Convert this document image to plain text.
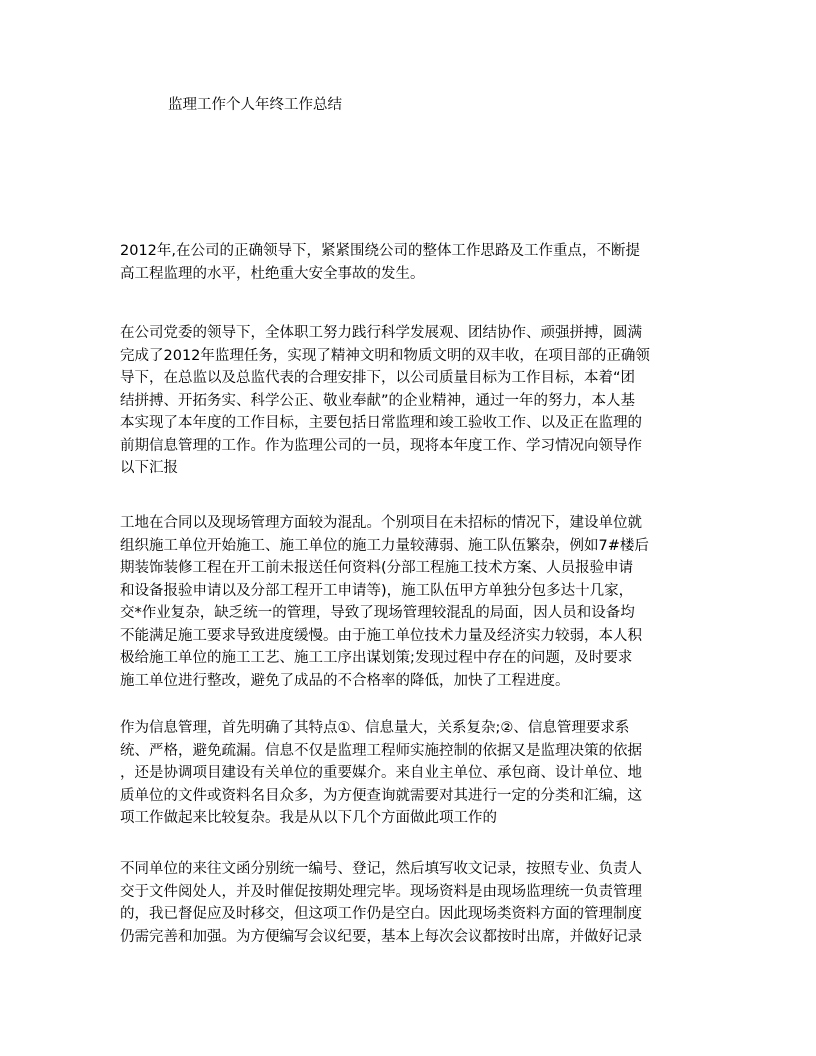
监理工作个人年终工作总结
2012年,在公司的正确领导下，紧紧围绕公司的整体工作思路及工作重点，不断提
高工程监理的水平，杜绝重大安全事故的发生。
在公司党委的领导下，全体职工努力践行科学发展观、团结协作、顽强拼搏，圆满
完成了2012年监理任务，实现了精神文明和物质文明的双丰收，在项目部的正确领
导下，在总监以及总监代表的合理安排下，以公司质量目标为工作目标，本着“团
结拼搏、开拓务实、科学公正、敬业奉献”的企业精神，通过一年的努力，本人基
本实现了本年度的工作目标，主要包括日常监理和竣工验收工作、以及正在监理的
前期信息管理的工作。作为监理公司的一员，现将本年度工作、学习情况向领导作
以下汇报
工地在合同以及现场管理方面较为混乱。个别项目在未招标的情况下，建设单位就
组织施工单位开始施工、施工单位的施工力量较薄弱、施工队伍繁杂，例如7#楼后
期装饰装修工程在开工前未报送任何资料(分部工程施工技术方案、人员报验申请
和设备报验申请以及分部工程开工申请等)，施工队伍甲方单独分包多达十几家，
交*作业复杂，缺乏统一的管理，导致了现场管理较混乱的局面，因人员和设备均
不能满足施工要求导致进度缓慢。由于施工单位技术力量及经济实力较弱，本人积
极给施工单位的施工工艺、施工工序出谋划策;发现过程中存在的问题，及时要求
施工单位进行整改，避免了成品的不合格率的降低，加快了工程进度。
作为信息管理，首先明确了其特点①、信息量大，关系复杂;②、信息管理要求系
统、严格，避免疏漏。信息不仅是监理工程师实施控制的依据又是监理决策的依据
，还是协调项目建设有关单位的重要媒介。来自业主单位、承包商、设计单位、地
质单位的文件或资料名目众多，为方便查询就需要对其进行一定的分类和汇编，这
项工作做起来比较复杂。我是从以下几个方面做此项工作的
不同单位的来往文函分别统一编号、登记，然后填写收文记录，按照专业、负责人
交于文件阅处人，并及时催促按期处理完毕。现场资料是由现场监理统一负责管理
的，我已督促应及时移交，但这项工作仍是空白。因此现场类资料方面的管理制度
仍需完善和加强。为方便编写会议纪要，基本上每次会议都按时出席，并做好记录
